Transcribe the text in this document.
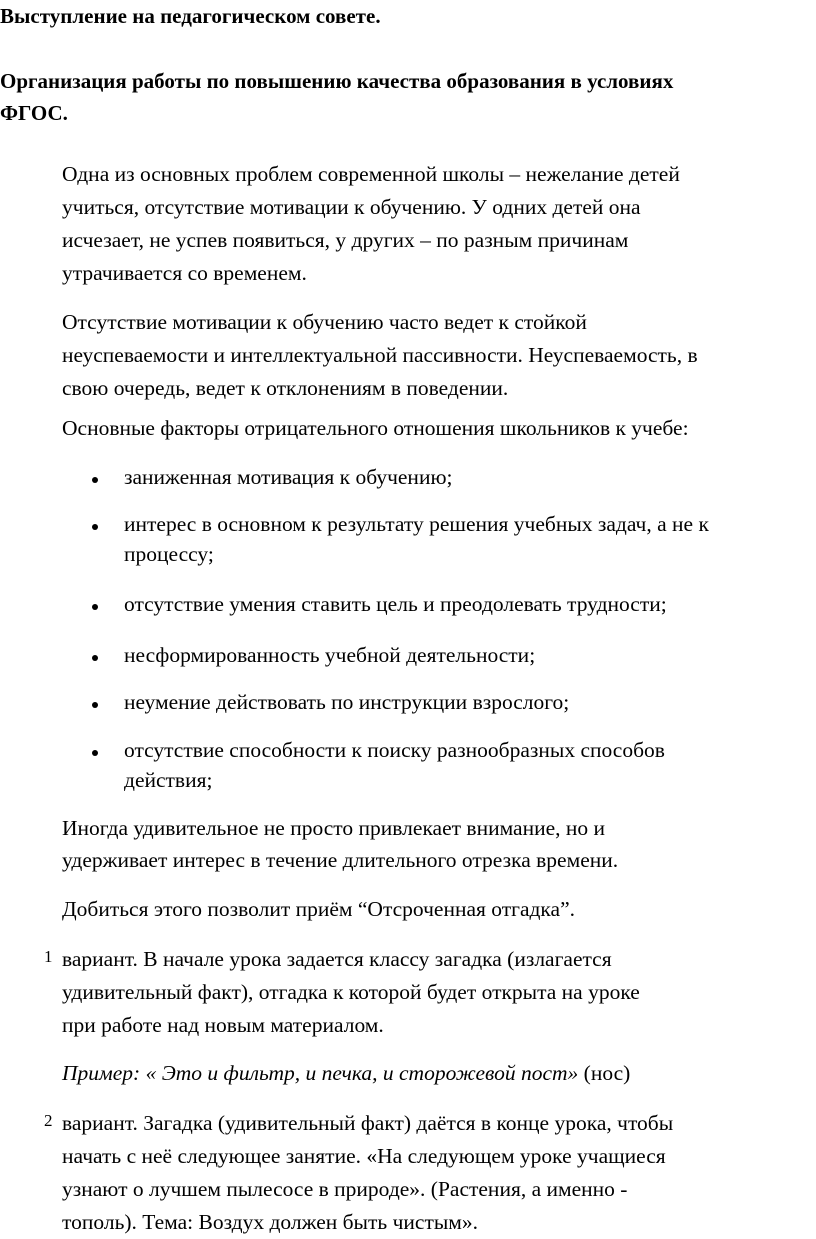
Выступление на педагогическом совете.
Организация работы по повышению качества образования в условиях
ФГОС.
Одна из основных проблем современной школы – нежелание детей
учиться, отсутствие мотивации к обучению. У одних детей она
исчезает, не успев появиться, у других – по разным причинам
утрачивается со временем.
Отсутствие мотивации к обучению часто ведет к стойкой
неуспеваемости и интеллектуальной пассивности. Неуспеваемость, в
свою очередь, ведет к отклонениям в поведении.
Основные факторы отрицательного отношения школьников к учебе:
заниженная мотивация к обучению;
интерес в основном к результату решения учебных задач, а не к
процессу;
отсутствие умения ставить цель и преодолевать трудности;
несформированность учебной деятельности;
неумение действовать по инструкции взрослого;
отсутствие способности к поиску разнообразных способов
действия;
Иногда удивительное не просто привлекает внимание, но и
удерживает интерес в течение длительного отрезка времени.
Добиться этого позволит приём “Отсроченная отгадка”.
1 вариант. В начале урока задается классу загадка (излагается
удивительный факт), отгадка к которой будет открыта на уроке
при работе над новым материалом.
Пример: « Это и фильтр, и печка, и сторожевой пост» (нос)
2 вариант. Загадка (удивительный факт) даётся в конце урока, чтобы
начать с неё следующее занятие. «На следующем уроке учащиеся
узнают о лучшем пылесосе в природе». (Растения, а именно -
тополь). Тема: Воздух должен быть чистым».
